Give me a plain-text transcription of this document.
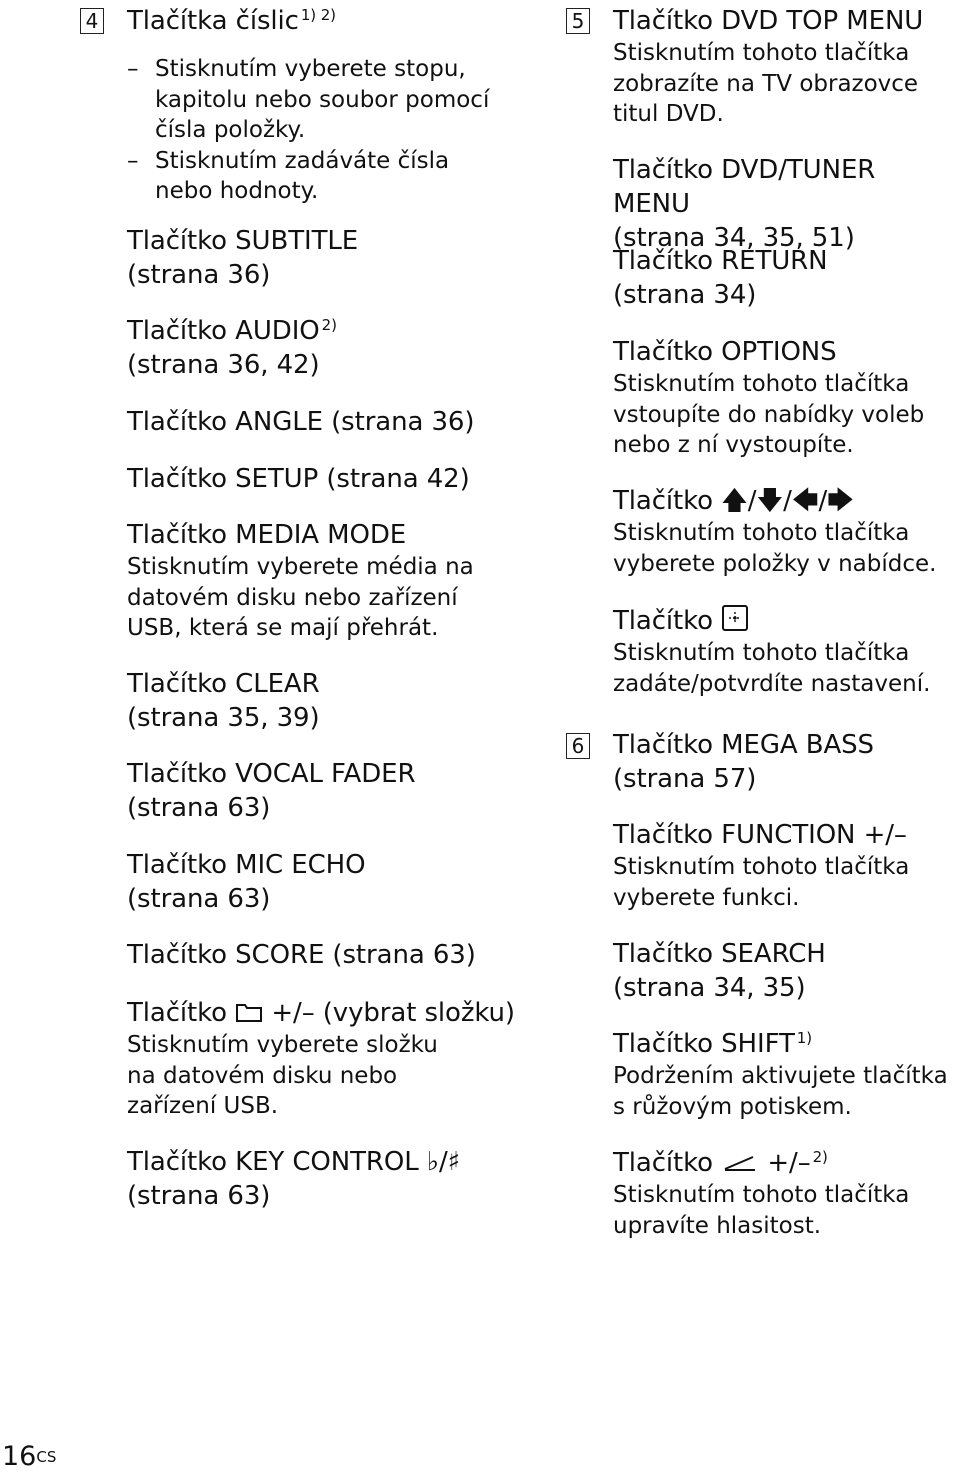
4 Tlačítka číslic $^{1) 2)}$
– Stisknutím vyberete stopu,
kapitolu nebo soubor pomocí
čísla položky.
– Stisknutím zadáváte čísla
nebo hodnoty.
Tlačítko SUBTITLE
(strana 36)
Tlačítko AUDIO $^{2)}$
(strana 36, 42)
Tlačítko ANGLE (strana 36)
Tlačítko SETUP (strana 42)
Tlačítko MEDIA MODE
Stisknutím vyberete média na
datovém disku nebo zařízení
USB, která se mají přehrát.
Tlačítko CLEAR
(strana 35, 39)
Tlačítko VOCAL FADER
(strana 63)
Tlačítko MIC ECHO
(strana 63)
Tlačítko SCORE (strana 63)
Tlačítko +/– (vybrat složku)
Stisknutím vyberete složku
na datovém disku nebo
zařízení USB.
Tlačítko KEY CONTROL ♭/♯
(strana 63)
5 Tlačítko DVD TOP MENU
Stisknutím tohoto tlačítka
zobrazíte na TV obrazovce
titul DVD.
Tlačítko DVD/TUNER MENU
(strana 34, 35, 51)
Tlačítko RETURN
(strana 34)
Tlačítko OPTIONS
Stisknutím tohoto tlačítka
vstoupíte do nabídky voleb
nebo z ní vystoupíte.
Tlačítko 🡅/🡇/🡄/🡆
Stisknutím tohoto tlačítka
vyberete položky v nabídce.
Tlačítko
Stisknutím tohoto tlačítka
zadáte/potvrdíte nastavení.
6 Tlačítko MEGA BASS
(strana 57)
Tlačítko FUNCTION +/–
Stisknutím tohoto tlačítka
vyberete funkci.
Tlačítko SEARCH
(strana 34, 35)
Tlačítko SHIFT $^{1)}$
Podržením aktivujete tlačítka
s růžovým potiskem.
Tlačítko +/– $^{2)}$
Stisknutím tohoto tlačítka
upravíte hlasitost.
$16^{CS}$
